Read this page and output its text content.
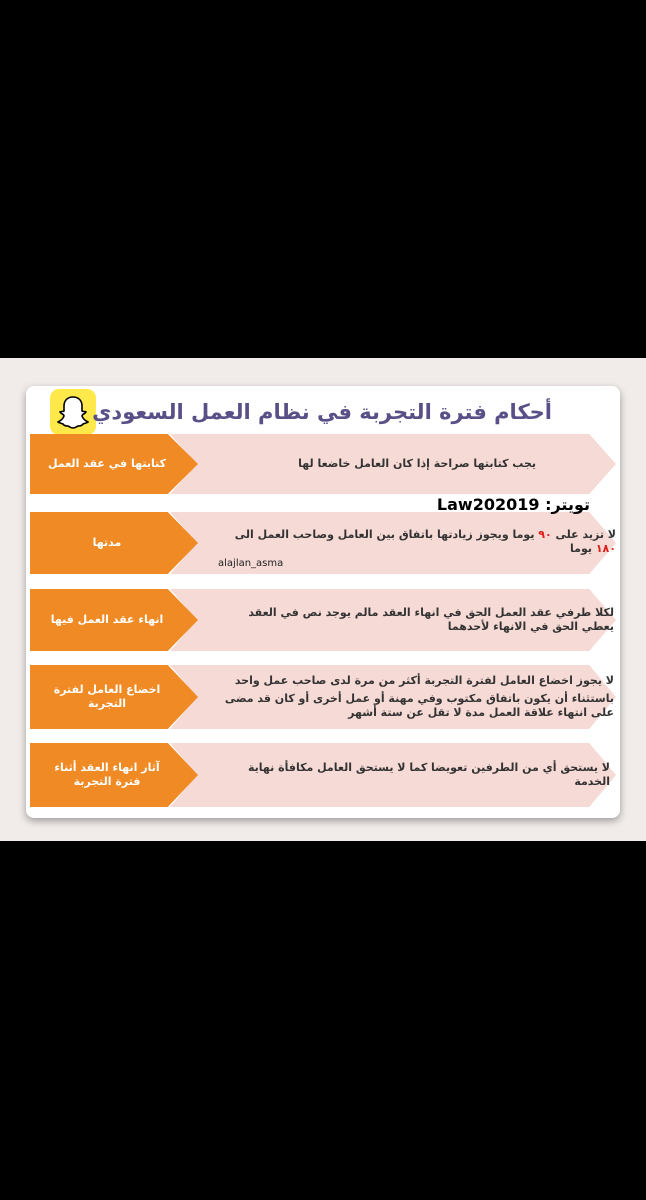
أحكام فترة التجربة في نظام العمل السعودي
يجب كتابتها صراحة إذا كان العامل خاضعا لها
كتابتها في عقد العمل
لا تزيد على ٩٠ يوما ويجوز زيادتها باتفاق بين العامل وصاحب العمل الى ١٨٠ يوما
مدتها
لكلا طرفي عقد العمل الحق في انهاء العقد مالم يوجد نص في العقد يعطي الحق في الانهاء لأحدهما
انهاء عقد العمل فيها
لا يجوز اخضاع العامل لفترة التجربة أكثر من مرة لدى صاحب عمل واحد
باستثناء أن يكون باتفاق مكتوب وفي مهنة أو عمل أخرى أو كان قد مضى على انتهاء علاقة العمل مدة لا تقل عن ستة أشهر
اخضاع العامل لفترة التجربة
لا يستحق أي من الطرفين تعويضا كما لا يستحق العامل مكافأة نهاية الخدمة
آثار انهاء العقد أثناء فترة التجربة
تويتر: Law202019
alajlan_asma
